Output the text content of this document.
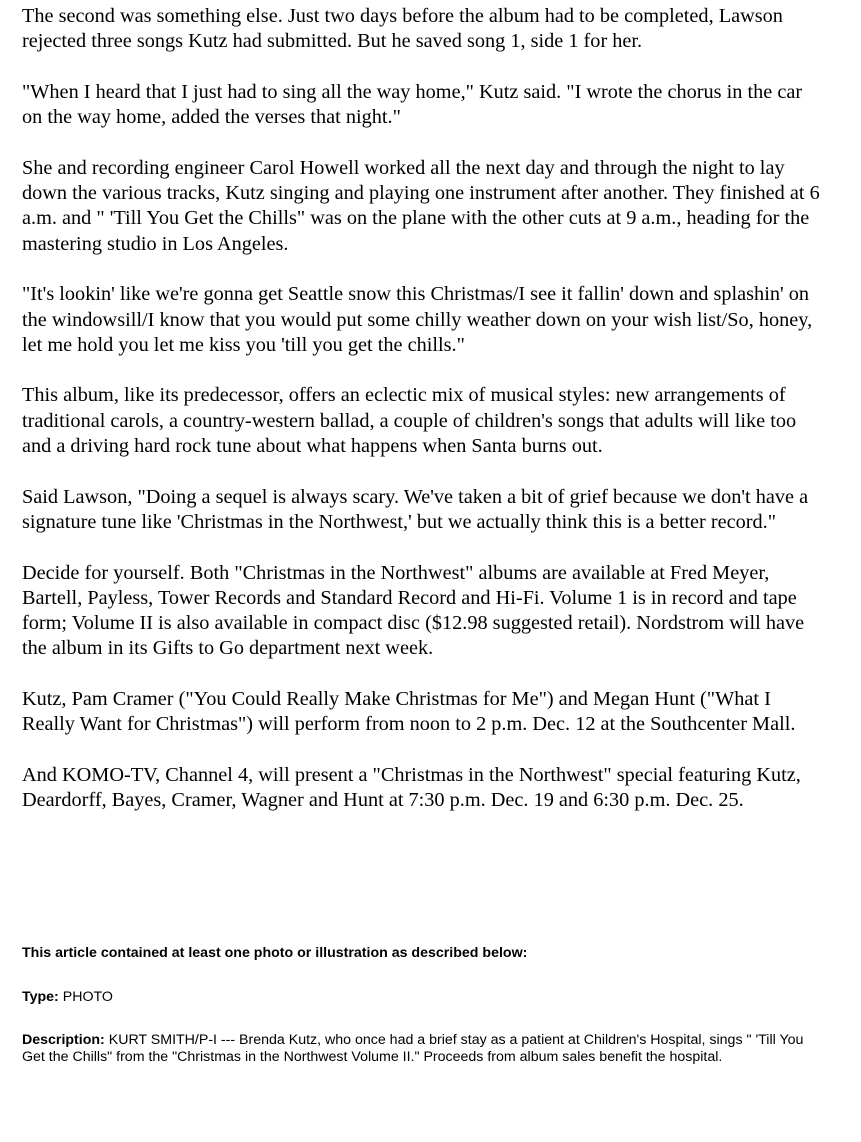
The second was something else. Just two days before the album had to be completed, Lawson rejected three songs Kutz had submitted. But he saved song 1, side 1 for her.

"When I heard that I just had to sing all the way home," Kutz said. "I wrote the chorus in the car on the way home, added the verses that night."

She and recording engineer Carol Howell worked all the next day and through the night to lay down the various tracks, Kutz singing and playing one instrument after another. They finished at 6 a.m. and " 'Till You Get the Chills" was on the plane with the other cuts at 9 a.m., heading for the mastering studio in Los Angeles.

"It's lookin' like we're gonna get Seattle snow this Christmas/I see it fallin' down and splashin' on the windowsill/I know that you would put some chilly weather down on your wish list/So, honey, let me hold you let me kiss you 'till you get the chills."

This album, like its predecessor, offers an eclectic mix of musical styles: new arrangements of traditional carols, a country-western ballad, a couple of children's songs that adults will like too and a driving hard rock tune about what happens when Santa burns out.

Said Lawson, "Doing a sequel is always scary. We've taken a bit of grief because we don't have a signature tune like 'Christmas in the Northwest,' but we actually think this is a better record."

Decide for yourself. Both "Christmas in the Northwest" albums are available at Fred Meyer, Bartell, Payless, Tower Records and Standard Record and Hi-Fi. Volume 1 is in record and tape form; Volume II is also available in compact disc ($12.98 suggested retail). Nordstrom will have the album in its Gifts to Go department next week.

Kutz, Pam Cramer ("You Could Really Make Christmas for Me") and Megan Hunt ("What I Really Want for Christmas") will perform from noon to 2 p.m. Dec. 12 at the Southcenter Mall.

And KOMO-TV, Channel 4, will present a "Christmas in the Northwest" special featuring Kutz, Deardorff, Bayes, Cramer, Wagner and Hunt at 7:30 p.m. Dec. 19 and 6:30 p.m. Dec. 25.

This article contained at least one photo or illustration as described below:

Type: PHOTO

Description: KURT SMITH/P-I --- Brenda Kutz, who once had a brief stay as a patient at Children's Hospital, sings " 'Till You Get the Chills" from the "Christmas in the Northwest Volume II." Proceeds from album sales benefit the hospital.
